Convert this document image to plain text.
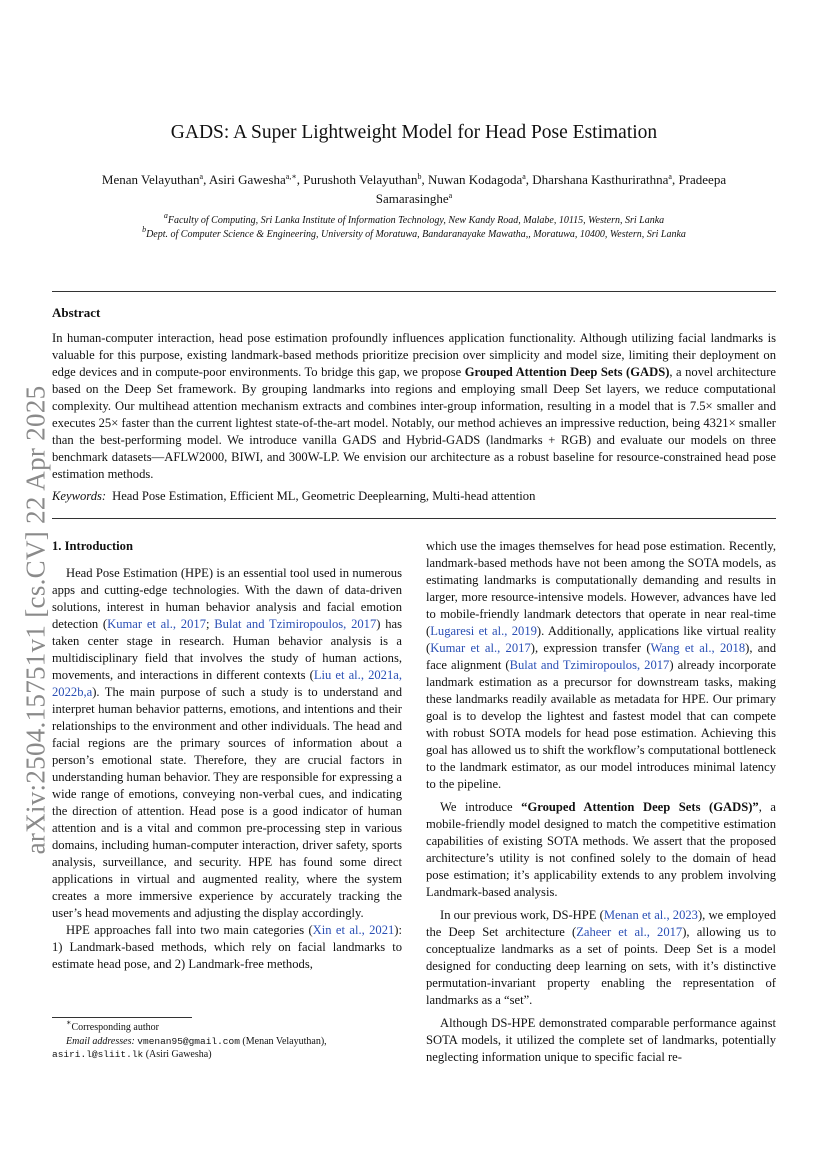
arXiv:2504.15751v1 [cs.CV] 22 Apr 2025
GADS: A Super Lightweight Model for Head Pose Estimation
Menan Velayuthan$^a$, Asiri Gawesha$^{a,∗}$, Purushoth Velayuthan$^b$, Nuwan Kodagoda$^a$, Dharshana Kasthurirathna$^a$, Pradeepa Samarasinghe$^a$
$^a$Faculty of Computing, Sri Lanka Institute of Information Technology, New Kandy Road, Malabe, 10115, Western, Sri Lanka
$^b$Dept. of Computer Science & Engineering, University of Moratuwa, Bandaranayake Mawatha,, Moratuwa, 10400, Western, Sri Lanka
Abstract
In human-computer interaction, head pose estimation profoundly influences application functionality. Although utilizing facial landmarks is valuable for this purpose, existing landmark-based methods prioritize precision over simplicity and model size, limiting their deployment on edge devices and in compute-poor environments. To bridge this gap, we propose Grouped Attention Deep Sets (GADS), a novel architecture based on the Deep Set framework. By grouping landmarks into regions and employing small Deep Set layers, we reduce computational complexity. Our multihead attention mechanism extracts and combines inter-group information, resulting in a model that is 7.5× smaller and executes 25× faster than the current lightest state-of-the-art model. Notably, our method achieves an impressive reduction, being 4321× smaller than the best-performing model. We introduce vanilla GADS and Hybrid-GADS (landmarks + RGB) and evaluate our models on three benchmark datasets—AFLW2000, BIWI, and 300W-LP. We envision our architecture as a robust baseline for resource-constrained head pose estimation methods.
Keywords: Head Pose Estimation, Efficient ML, Geometric Deeplearning, Multi-head attention
1. Introduction

Head Pose Estimation (HPE) is an essential tool used in numerous apps and cutting-edge technologies. With the dawn of data-driven solutions, interest in human behavior analysis and facial emotion detection (Kumar et al., 2017; Bulat and Tzimiropoulos, 2017) has taken center stage in research. Human behavior analysis is a multidisciplinary field that involves the study of human actions, movements, and interactions in different contexts (Liu et al., 2021a, 2022b,a). The main purpose of such a study is to understand and interpret human behavior patterns, emotions, and intentions and their relationships to the environment and other individuals. The head and facial regions are the primary sources of information about a person’s emotional state. Therefore, they are crucial factors in understanding human behavior. They are responsible for expressing a wide range of emotions, conveying non-verbal cues, and indicating the direction of attention. Head pose is a good indicator of human attention and is a vital and common pre-processing step in various domains, including human-computer interaction, driver safety, sports analysis, surveillance, and security. HPE has found some direct applications in virtual and augmented reality, where the system creates a more immersive experience by accurately tracking the user’s head movements and adjusting the display accordingly.

HPE approaches fall into two main categories (Xin et al., 2021): 1) Landmark-based methods, which rely on facial landmarks to estimate head pose, and 2) Landmark-free methods,

which use the images themselves for head pose estimation. Recently, landmark-based methods have not been among the SOTA models, as estimating landmarks is computationally demanding and results in larger, more resource-intensive models. However, advances have led to mobile-friendly landmark detectors that operate in near real-time (Lugaresi et al., 2019). Additionally, applications like virtual reality (Kumar et al., 2017), expression transfer (Wang et al., 2018), and face alignment (Bulat and Tzimiropoulos, 2017) already incorporate landmark estimation as a precursor for downstream tasks, making these landmarks readily available as metadata for HPE. Our primary goal is to develop the lightest and fastest model that can compete with robust SOTA models for head pose estimation. Achieving this goal has allowed us to shift the workflow’s computational bottleneck to the landmark estimator, as our model introduces minimal latency to the pipeline.

We introduce “Grouped Attention Deep Sets (GADS)”, a mobile-friendly model designed to match the competitive estimation capabilities of existing SOTA methods. We assert that the proposed architecture’s utility is not confined solely to the domain of head pose estimation; it’s applicability extends to any problem involving Landmark-based analysis.

In our previous work, DS-HPE (Menan et al., 2023), we employed the Deep Set architecture (Zaheer et al., 2017), allowing us to conceptualize landmarks as a set of points. Deep Set is a model designed for conducting deep learning on sets, with it’s distinctive permutation-invariant property enabling the representation of landmarks as a “set”.

Although DS-HPE demonstrated comparable performance against SOTA models, it utilized the complete set of landmarks, potentially neglecting information unique to specific facial re-

∗Corresponding author
Email addresses: vmenan95@gmail.com (Menan Velayuthan),
asiri.l@sliit.lk (Asiri Gawesha)
